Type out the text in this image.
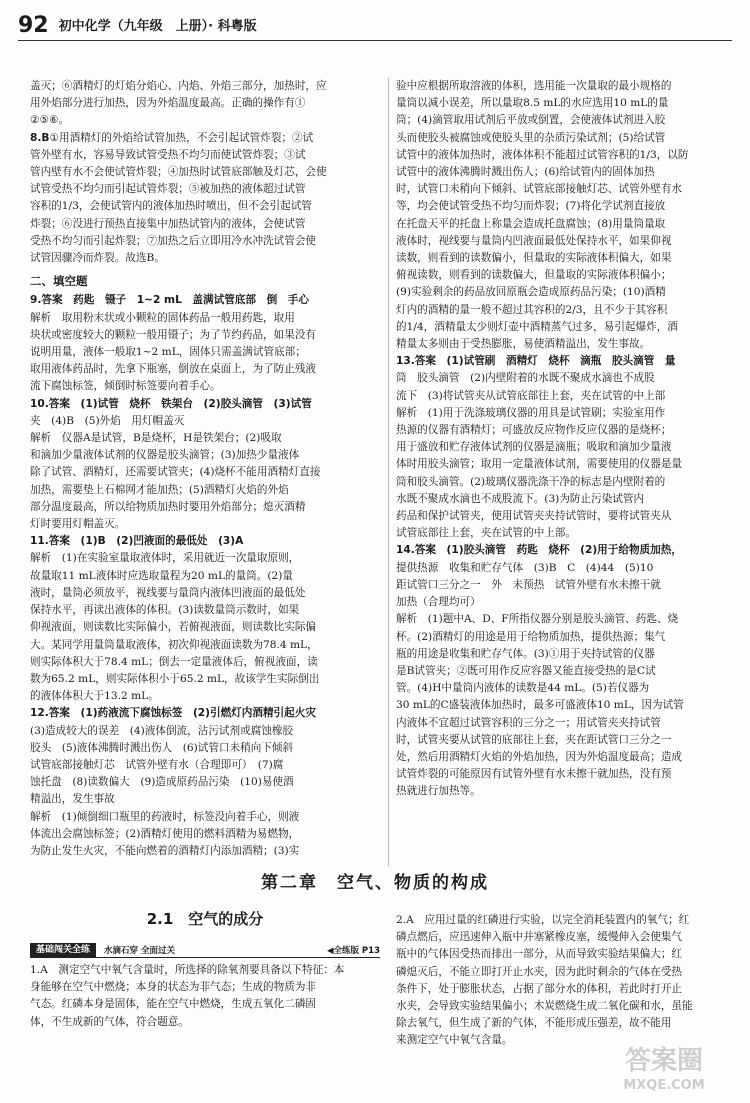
92 初中化学（九年级　上册）· 科粤版
盖灭；⑥酒精灯的灯焰分焰心、内焰、外焰三部分，加热时，应
用外焰部分进行加热，因为外焰温度最高。正确的操作有①
②⑤⑥。
8.B①用酒精灯的外焰给试管加热，不会引起试管炸裂；②试
管外壁有水，容易导致试管受热不均匀而使试管炸裂；③试
管内壁有水不会使试管炸裂；④加热时试管底部触及灯芯，会使
试管受热不均匀而引起试管炸裂；⑤被加热的液体超过试管
容积的1/3，会使试管内的液体加热时喷出，但不会引起试管
炸裂；⑥没进行预热直接集中加热试管内的液体，会使试管
受热不均匀而引起炸裂；⑦加热之后立即用冷水冲洗试管会使
试管因骤冷而炸裂。故选B。
二、填空题
9.答案　药匙　镊子　1~2 mL　盖满试管底部　倒　手心
解析　取用粉末状或小颗粒的固体药品一般用药匙，取用
块状或密度较大的颗粒一般用镊子；为了节约药品，如果没有
说明用量，液体一般取1~2 mL，固体只需盖满试管底部；
取用液体药品时，先拿下瓶塞，倒放在桌面上，为了防止残液
流下腐蚀标签，倾倒时标签要向着手心。
10.答案　(1)试管　烧杯　铁架台　(2)胶头滴管　(3)试管
夹　(4)B　(5)外焰　用灯帽盖灭
解析　仪器A是试管，B是烧杯，H是铁架台；(2)吸取
和滴加少量液体试剂的仪器是胶头滴管；(3)加热少量液体
除了试管、酒精灯，还需要试管夹；(4)烧杯不能用酒精灯直接
加热，需要垫上石棉网才能加热；(5)酒精灯火焰的外焰
部分温度最高，所以给物质加热时要用外焰部分；熄灭酒精
灯时要用灯帽盖灭。
11.答案　(1)B　(2)凹液面的最低处　(3)A
解析　(1)在实验室量取液体时，采用就近一次量取原则，
故量取11 mL液体时应选取量程为20 mL的量筒。(2)量
液时，量筒必须放平，视线要与量筒内液体凹液面的最低处
保持水平，再读出液体的体积。(3)读数量筒示数时，如果
仰视液面，则读数比实际偏小，若俯视液面，则读数比实际偏
大。某同学用量筒量取液体，初次仰视液面读数为78.4 mL，
则实际体积大于78.4 mL；倒去一定量液体后，俯视液面，读
数为65.2 mL，则实际体积小于65.2 mL，故该学生实际倒出
的液体体积大于13.2 mL。
12.答案　(1)药液流下腐蚀标签　(2)引燃灯内酒精引起火灾
(3)造成较大的误差　(4)液体倒流，沾污试剂或腐蚀橡胶
胶头　(5)液体沸腾时溅出伤人　(6)试管口未稍向下倾斜
试管底部接触灯芯　试管外壁有水（合理即可）　(7)腐
蚀托盘　(8)读数偏大　(9)造成原药品污染　(10)易使酒
精溢出，发生事故
解析　(1)倾倒细口瓶里的药液时，标签没向着手心，则液
体流出会腐蚀标签；(2)酒精灯使用的燃料酒精为易燃物，
为防止发生火灾，不能向燃着的酒精灯内添加酒精；(3)实
验中应根据所取溶液的体积，选用能一次量取的最小规格的
量筒以减小误差，所以量取8.5 mL的水应选用10 mL的量
筒；(4)滴管取用试剂后平放或倒置，会使液体试剂进入胶
头而使胶头被腐蚀或使胶头里的杂质污染试剂；(5)给试管
试管中的液体加热时，液体体积不能超过试管容积的1/3，以防
试管中的液体沸腾时溅出伤人；(6)给试管内的固体加热
时，试管口未稍向下倾斜、试管底部接触灯芯、试管外壁有水
等，均会使试管受热不均匀而炸裂；(7)将化学试剂直接放
在托盘天平的托盘上称量会造成托盘腐蚀；(8)用量筒量取
液体时，视线要与量筒内凹液面最低处保持水平，如果仰视
读数，则看到的读数偏小，但量取的实际液体积偏大，如果
俯视读数，则看到的读数偏大，但量取的实际液体积偏小；
(9)实验剩余的药品放回原瓶会造成原药品污染；(10)酒精
灯内的酒精的量一般不超过其容积的2/3，且不少于其容积
的1/4，酒精量太少则灯壶中酒精蒸气过多，易引起爆炸，酒
精量太多则由于受热膨胀，易使酒精溢出，发生事故。
13.答案　(1)试管刷　酒精灯　烧杯　滴瓶　胶头滴管　量
筒　胶头滴管　(2)内壁附着的水既不聚成水滴也不成股
流下　(3)将试管夹从试管底部往上套，夹在试管的中上部
解析　(1)用于洗涤玻璃仪器的用具是试管刷；实验室用作
热源的仪器有酒精灯；可盛放反应物作反应仪器的是烧杯；
用于盛放和贮存液体试剂的仪器是滴瓶；吸取和滴加少量液
体时用胶头滴管；取用一定量液体试剂，需要使用的仪器是量
筒和胶头滴管。(2)玻璃仪器洗涤干净的标志是内壁附着的
水既不聚成水滴也不成股流下。(3)为防止污染试管内
药品和保护试管夹，使用试管夹夹持试管时，要将试管夹从
试管底部往上套，夹在试管的中上部。
14.答案　(1)胶头滴管　药匙　烧杯　(2)用于给物质加热，
提供热源　收集和贮存气体　(3)B　C　(4)44　(5)10
距试管口三分之一　外　未预热　试管外壁有水未擦干就
加热（合理均可）
解析　(1)题中A、D、F所指仪器分别是胶头滴管、药匙、烧
杯。(2)酒精灯的用途是用于给物质加热，提供热源；集气
瓶的用途是收集和贮存气体。(3)①用于夹持试管的仪器
是B试管夹；②既可用作反应容器又能直接受热的是C试
管。(4)H中量筒内液体的读数是44 mL。(5)若仪器为
30 mL的C盛装液体加热时，最多可盛液体10 mL，因为试管
内液体不宜超过试管容积的三分之一；用试管夹夹持试管
时，试管夹要从试管的底部往上套，夹在距试管口三分之一
处，然后用酒精灯火焰的外焰加热，因为外焰温度最高；造成
试管炸裂的可能原因有试管外壁有水未擦干就加热，没有预
热就进行加热等。
第二章　空气、物质的构成
2.1　空气的成分
基础闯关全练	水滴石穿 全面过关	◀全练版 P13
1.A　测定空气中氧气含量时，所选择的除氧剂要具备以下特征：本
身能够在空气中燃烧；本身的状态为非气态；生成的物质为非
气态。红磷本身是固体，能在空气中燃烧，生成五氧化二磷固
体，不生成新的气体，符合题意。
2.A　应用过量的红磷进行实验，以完全消耗装置内的氧气；红
磷点燃后，应迅速伸入瓶中并塞紧橡皮塞，缓慢伸入会使集气
瓶中的气体因受热而排出一部分，从而导致实验结果偏大；红
磷熄灭后，不能立即打开止水夹，因为此时剩余的气体在受热
条件下，处于膨胀状态，占据了部分水的体积，若此时打开止
水夹，会导致实验结果偏小；木炭燃烧生成二氧化碳和水，虽能
除去氧气，但生成了新的气体，不能形成压强差，故不能用
来测定空气中氧气含量。
答案圈
MXQE.COM
